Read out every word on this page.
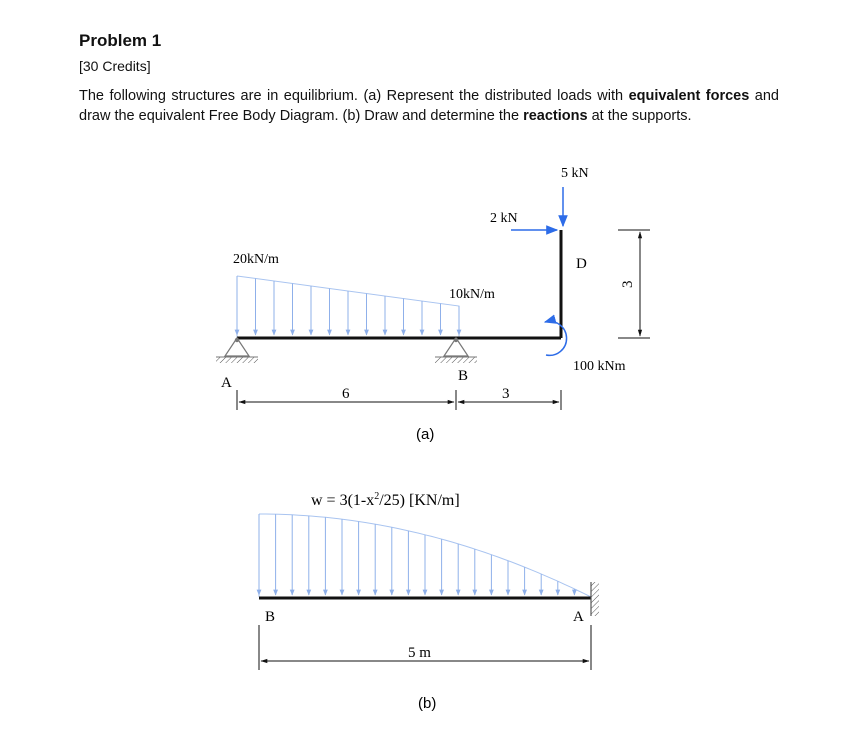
Problem 1
[30 Credits]
The following structures are in equilibrium. (a) Represent the distributed loads with equivalent forces and draw the equivalent Free Body Diagram. (b) Draw and determine the reactions at the supports.
20kN/m
10kN/m
2 kN
5 kN
D
A	B
100 kNm
6	3
3
(a)
$w = 3(1-x^2/25)$ [KN/m]
B	A
5 m
(b)
